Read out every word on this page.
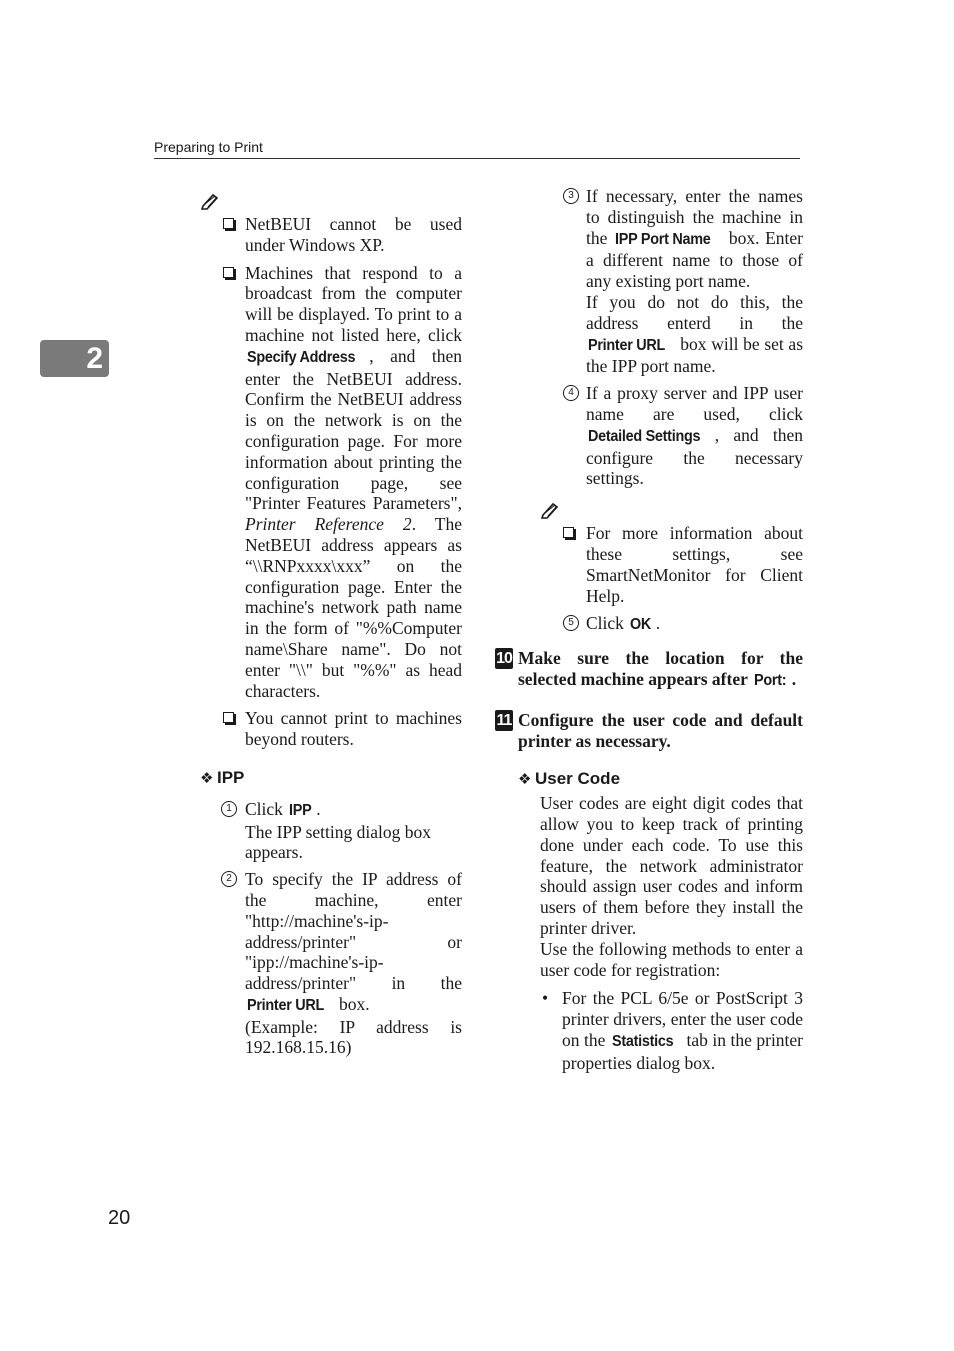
Preparing to Print
2
20
NetBEUI cannot be used under Windows XP.
Machines that respond to a broadcast from the computer will be displayed. To print to a machine not listed here, click Specify Address , and then enter the NetBEUI address. Confirm the NetBEUI address is on the network is on the configuration page. For more information about printing the configuration page, see "Printer Features Parameters", Printer Reference 2. The NetBEUI address appears as “\\RNPxxxx\xxx” on the configuration page. Enter the machine's network path name in the form of "%%Computer name\Share name". Do not enter "\\" but "%%" as head characters.
You cannot print to machines beyond routers.
❖ IPP
1 Click IPP .

The IPP setting dialog box appears.

2 To specify the IP address of the machine, enter "http://machine's-ip-address/printer" or "ipp://machine's-ip-address/printer" in the Printer URL box.

(Example: IP address is 192.168.15.16)

3 If necessary, enter the names to distinguish the machine in the IPP Port Name box. Enter a different name to those of any existing port name.

If you do not do this, the address enterd in the Printer URL box will be set as the IPP port name.

4 If a proxy server and IPP user name are used, click Detailed Settings , and then configure the necessary settings.
For more information about these settings, see SmartNetMonitor for Client Help.
5 Click OK .
10 Make sure the location for the selected machine appears after Port: .
11 Configure the user code and default printer as necessary.
❖ User Code

User codes are eight digit codes that allow you to keep track of printing done under each code. To use this feature, the network administrator should assign user codes and inform users of them before they install the printer driver.

Use the following methods to enter a user code for registration:

• For the PCL 6/5e or PostScript 3 printer drivers, enter the user code on the Statistics tab in the printer properties dialog box.
